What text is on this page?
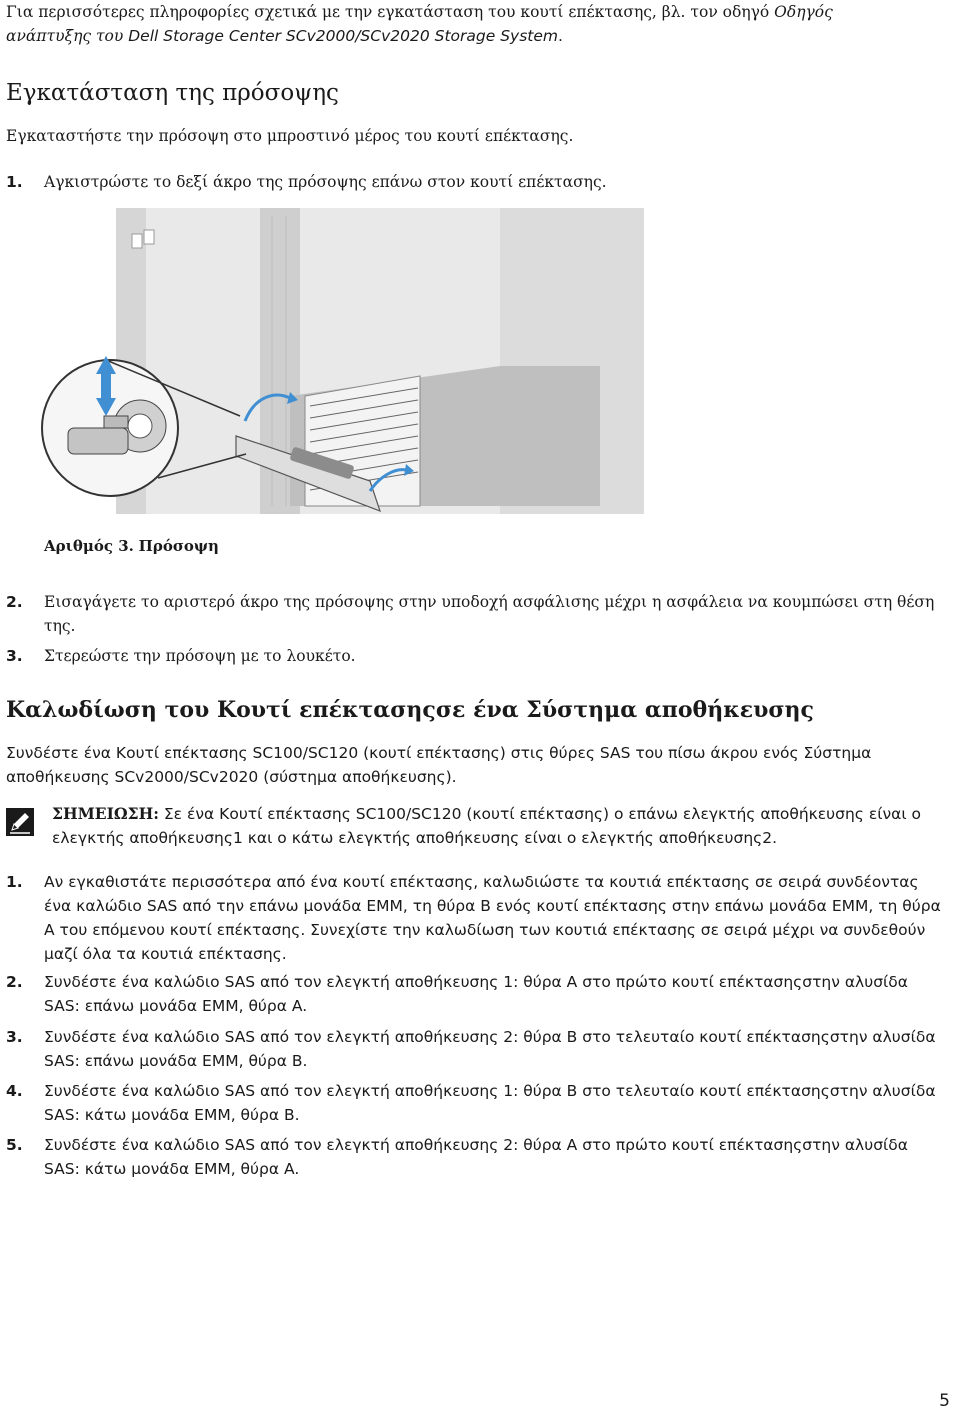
Για περισσότερες πληροφορίες σχετικά με την εγκατάσταση του κουτί επέκτασης, βλ. τον οδηγό Οδηγός
ανάπτυξης του Dell Storage Center SCv2000/SCv2020 Storage System.
Εγκατάσταση της πρόσοψης
Εγκαταστήστε την πρόσοψη στο μπροστινό μέρος του κουτί επέκτασης.
1. Αγκιστρώστε το δεξί άκρο της πρόσοψης επάνω στον κουτί επέκτασης.
Αριθμός 3. Πρόσοψη
2. Εισαγάγετε το αριστερό άκρο της πρόσοψης στην υποδοχή ασφάλισης μέχρι η ασφάλεια να κουμπώσει στη θέση της.
3. Στερεώστε την πρόσοψη με το λουκέτο.
Καλωδίωση του Κουτί επέκτασηςσε ένα Σύστημα αποθήκευσης
Συνδέστε ένα Κουτί επέκτασης SC100/SC120 (κουτί επέκτασης) στις θύρες SAS του πίσω άκρου ενός Σύστημα αποθήκευσης SCv2000/SCv2020 (σύστημα αποθήκευσης).
ΣΗΜΕΙΩΣΗ: Σε ένα Κουτί επέκτασης SC100/SC120 (κουτί επέκτασης) ο επάνω ελεγκτής αποθήκευσης είναι ο ελεγκτής αποθήκευσης1 και ο κάτω ελεγκτής αποθήκευσης είναι ο ελεγκτής αποθήκευσης2.
1. Αν εγκαθιστάτε περισσότερα από ένα κουτί επέκτασης, καλωδιώστε τα κουτιά επέκτασης σε σειρά συνδέοντας ένα καλώδιο SAS από την επάνω μονάδα EMM, τη θύρα B ενός κουτί επέκτασης στην επάνω μονάδα EMM, τη θύρα A του επόμενου κουτί επέκτασης. Συνεχίστε την καλωδίωση των κουτιά επέκτασης σε σειρά μέχρι να συνδεθούν μαζί όλα τα κουτιά επέκτασης.
2. Συνδέστε ένα καλώδιο SAS από τον ελεγκτή αποθήκευσης 1: θύρα A στο πρώτο κουτί επέκτασηςστην αλυσίδα SAS: επάνω μονάδα EMM, θύρα A.
3. Συνδέστε ένα καλώδιο SAS από τον ελεγκτή αποθήκευσης 2: θύρα B στο τελευταίο κουτί επέκτασηςστην αλυσίδα SAS: επάνω μονάδα EMM, θύρα B.
4. Συνδέστε ένα καλώδιο SAS από τον ελεγκτή αποθήκευσης 1: θύρα B στο τελευταίο κουτί επέκτασηςστην αλυσίδα SAS: κάτω μονάδα EMM, θύρα B.
5. Συνδέστε ένα καλώδιο SAS από τον ελεγκτή αποθήκευσης 2: θύρα A στο πρώτο κουτί επέκτασηςστην αλυσίδα SAS: κάτω μονάδα EMM, θύρα A.
5
